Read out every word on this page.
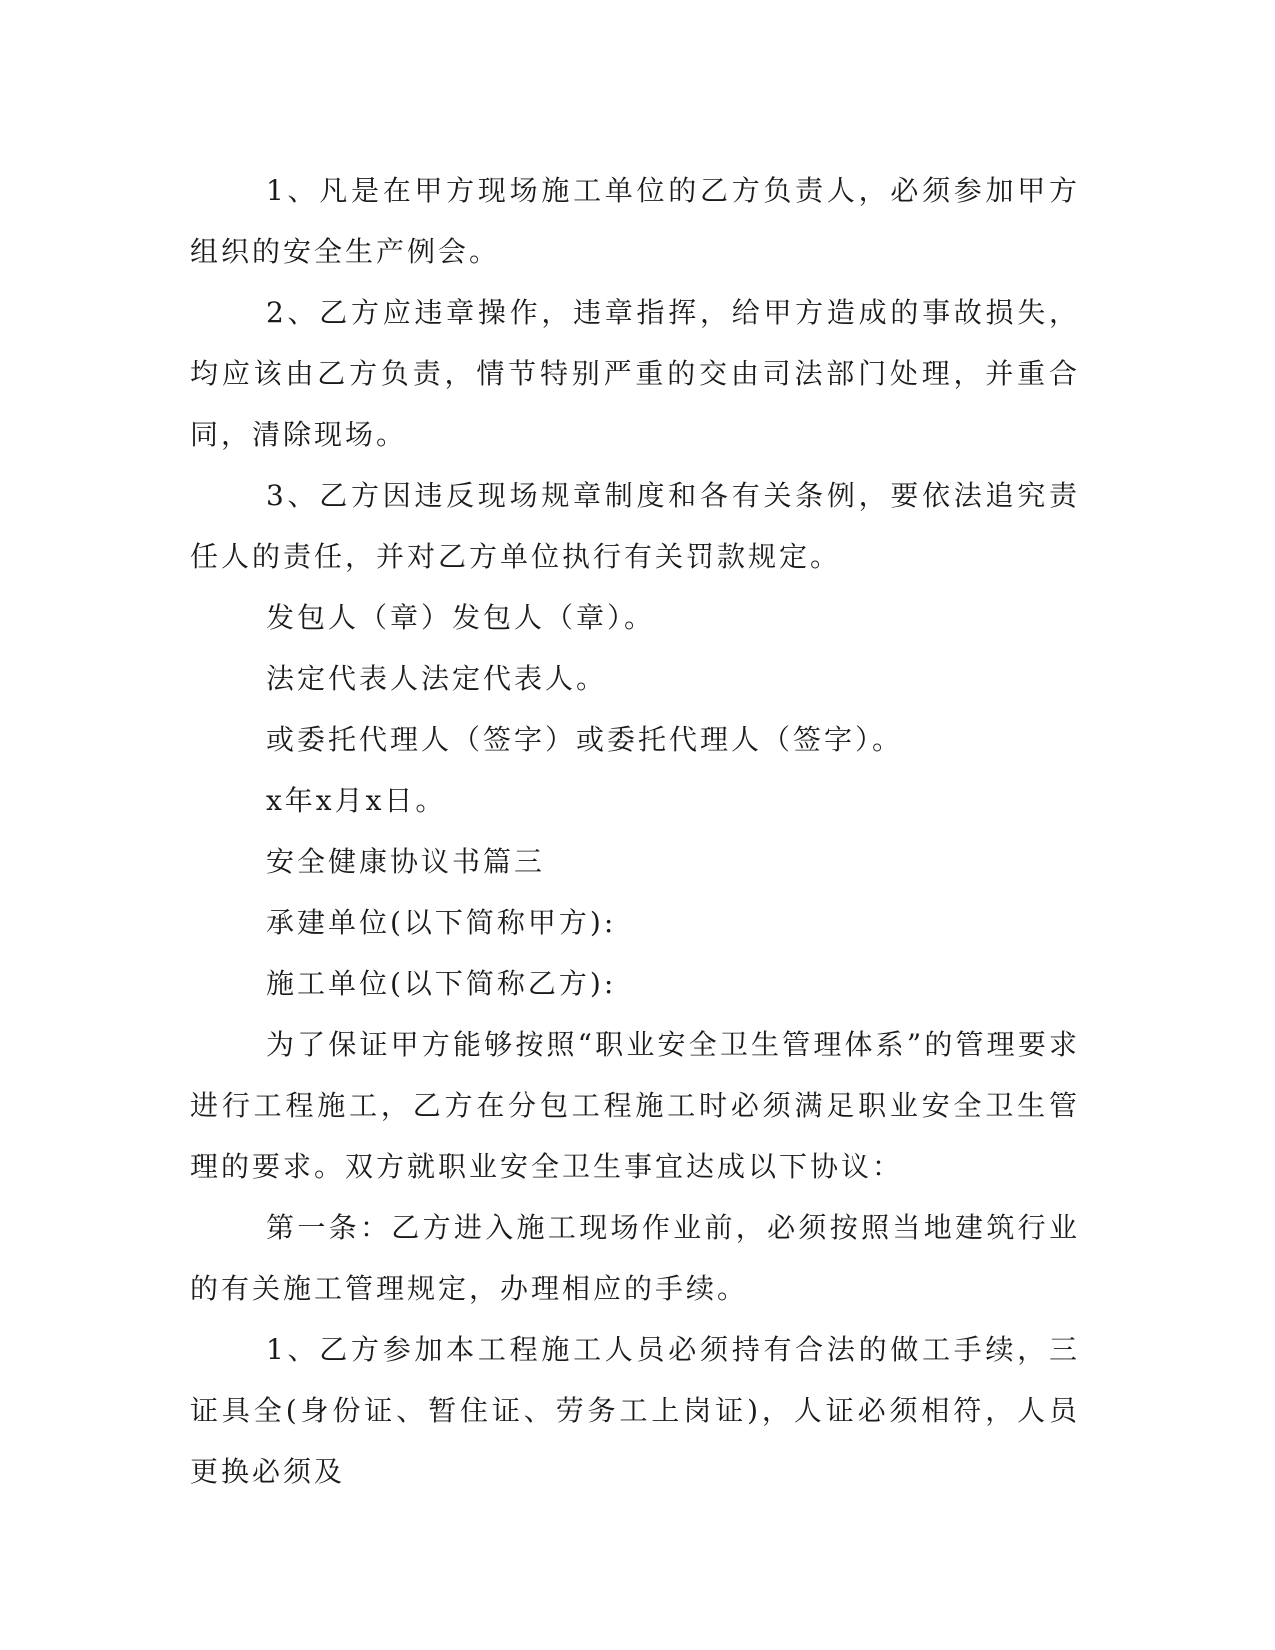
1、凡是在甲方现场施工单位的乙方负责人，必须参加甲方组织的安全生产例会。

2、乙方应违章操作，违章指挥，给甲方造成的事故损失，均应该由乙方负责，情节特别严重的交由司法部门处理，并重合同，清除现场。

3、乙方因违反现场规章制度和各有关条例，要依法追究责任人的责任，并对乙方单位执行有关罚款规定。

发包人（章）发包人（章）。

法定代表人法定代表人。

或委托代理人（签字）或委托代理人（签字）。

x年x月x日。

安全健康协议书篇三

承建单位(以下简称甲方):

施工单位(以下简称乙方):

为了保证甲方能够按照“职业安全卫生管理体系”的管理要求进行工程施工，乙方在分包工程施工时必须满足职业安全卫生管理的要求。双方就职业安全卫生事宜达成以下协议：

第一条：乙方进入施工现场作业前，必须按照当地建筑行业的有关施工管理规定，办理相应的手续。

1、乙方参加本工程施工人员必须持有合法的做工手续，三证具全(身份证、暂住证、劳务工上岗证)，人证必须相符，人员更换必须及
